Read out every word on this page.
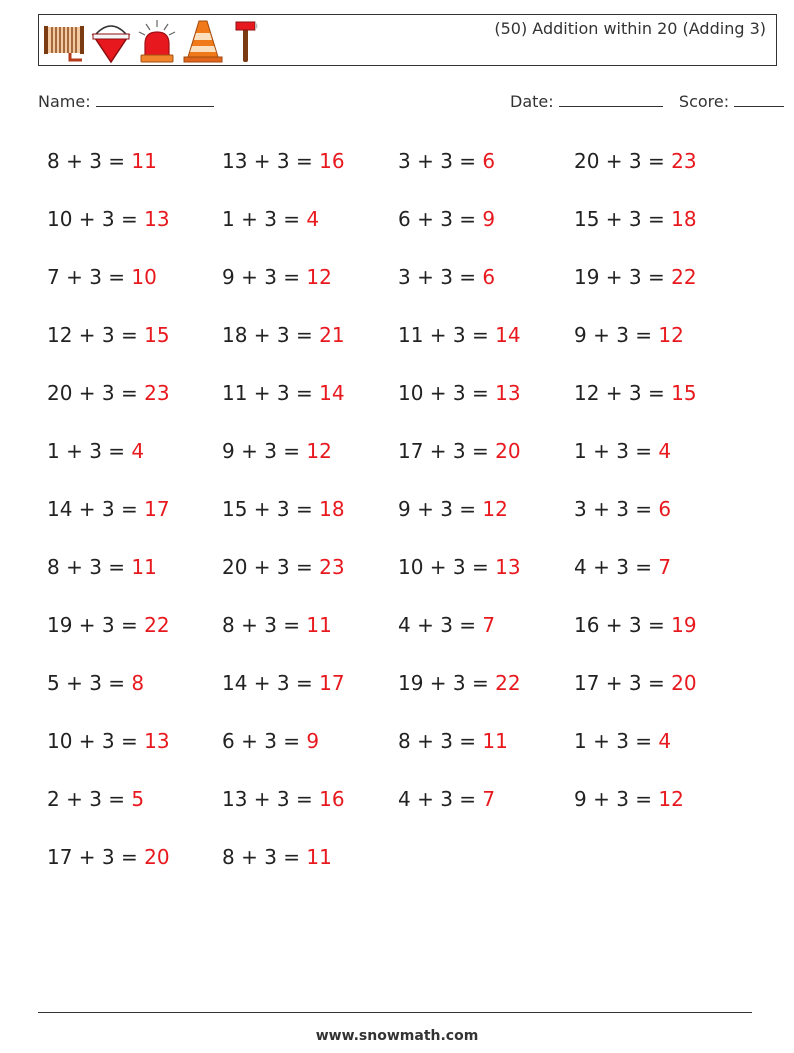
(50) Addition within 20 (Adding 3)
Name:	Date:	Score:
8 + 3 = 11	13 + 3 = 16	3 + 3 = 6	20 + 3 = 23
10 + 3 = 13	1 + 3 = 4	6 + 3 = 9	15 + 3 = 18
7 + 3 = 10	9 + 3 = 12	3 + 3 = 6	19 + 3 = 22
12 + 3 = 15	18 + 3 = 21	11 + 3 = 14	9 + 3 = 12
20 + 3 = 23	11 + 3 = 14	10 + 3 = 13	12 + 3 = 15
1 + 3 = 4	9 + 3 = 12	17 + 3 = 20	1 + 3 = 4
14 + 3 = 17	15 + 3 = 18	9 + 3 = 12	3 + 3 = 6
8 + 3 = 11	20 + 3 = 23	10 + 3 = 13	4 + 3 = 7
19 + 3 = 22	8 + 3 = 11	4 + 3 = 7	16 + 3 = 19
5 + 3 = 8	14 + 3 = 17	19 + 3 = 22	17 + 3 = 20
10 + 3 = 13	6 + 3 = 9	8 + 3 = 11	1 + 3 = 4
2 + 3 = 5	13 + 3 = 16	4 + 3 = 7	9 + 3 = 12
17 + 3 = 20	8 + 3 = 11
www.snowmath.com
